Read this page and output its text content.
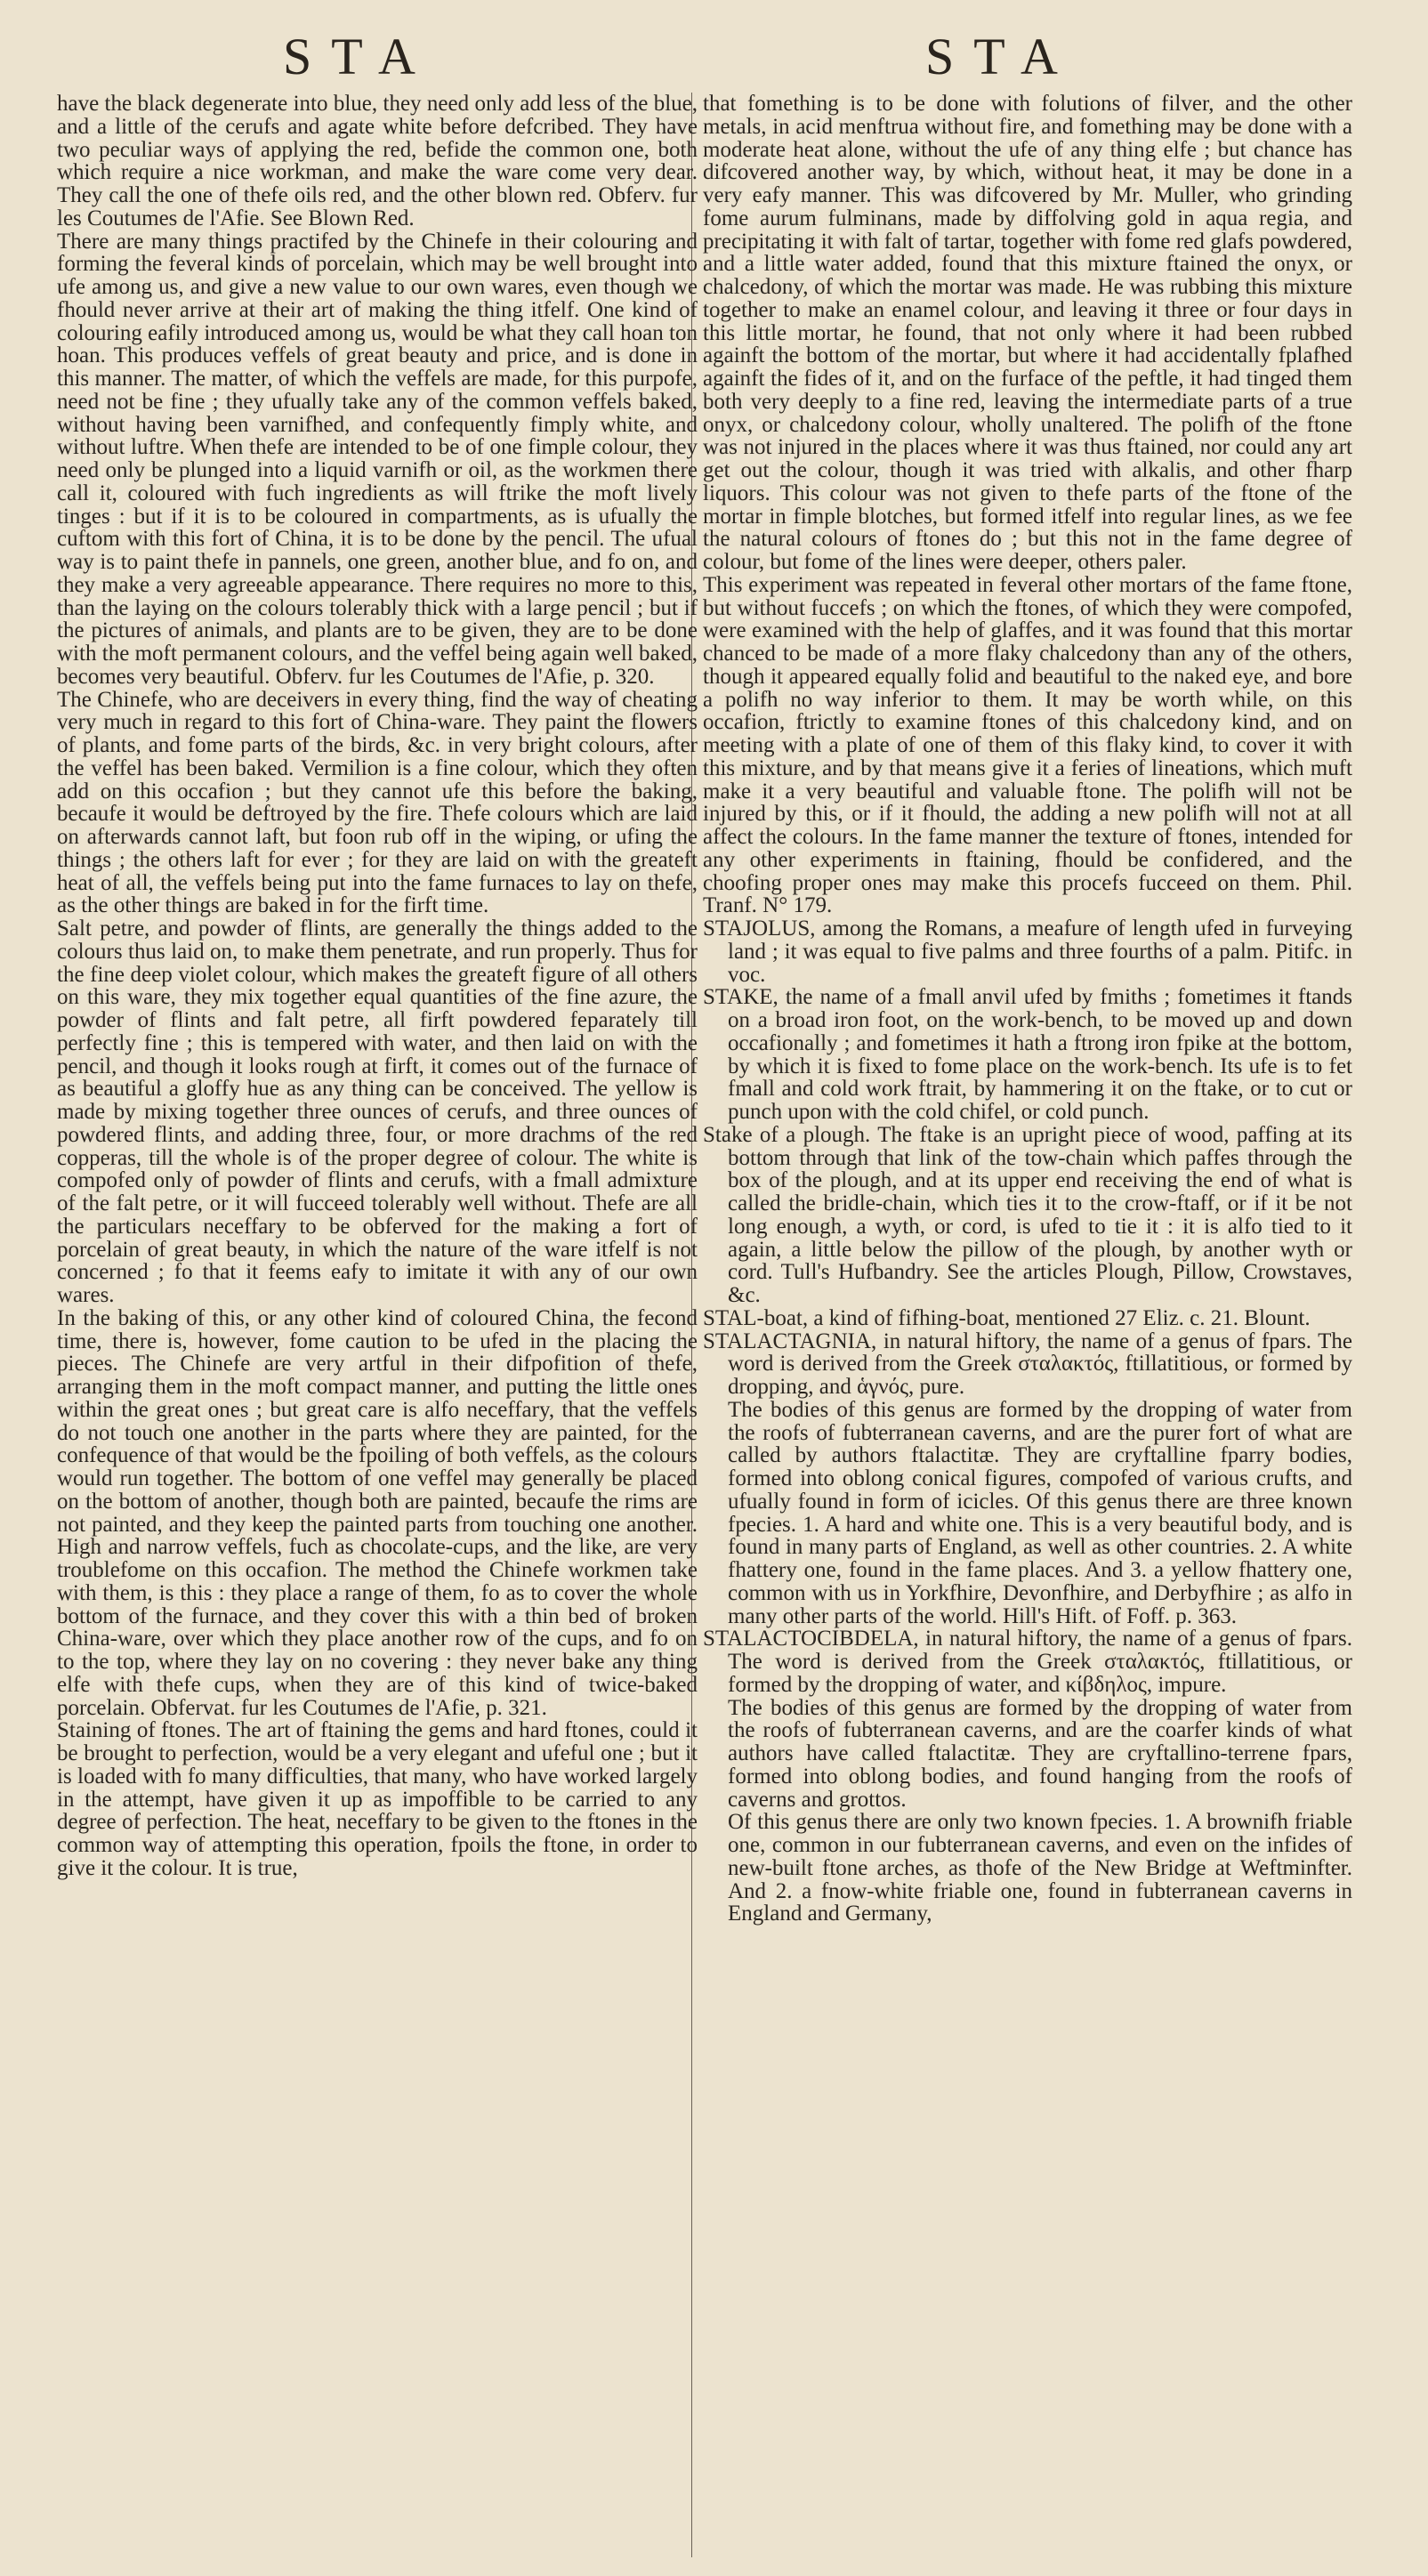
STA	STA

have the black degenerate into blue, they need only add less of the blue, and a little of the cerufs and agate white before defcribed. They have two peculiar ways of applying the red, befide the common one, both which require a nice workman, and make the ware come very dear. They call the one of thefe oils red, and the other blown red. Obferv. fur les Coutumes de l'Afie. See Blown Red.

There are many things practifed by the Chinefe in their colouring and forming the feveral kinds of porcelain, which may be well brought into ufe among us, and give a new value to our own wares, even though we fhould never arrive at their art of making the thing itfelf. One kind of colouring eafily introduced among us, would be what they call hoan ton hoan. This produces veffels of great beauty and price, and is done in this manner. The matter, of which the veffels are made, for this purpofe, need not be fine ; they ufually take any of the common veffels baked, without having been varnifhed, and confequently fimply white, and without luftre. When thefe are intended to be of one fimple colour, they need only be plunged into a liquid varnifh or oil, as the workmen there call it, coloured with fuch ingredients as will ftrike the moft lively tinges : but if it is to be coloured in compartments, as is ufually the cuftom with this fort of China, it is to be done by the pencil. The ufual way is to paint thefe in pannels, one green, another blue, and fo on, and they make a very agreeable appearance. There requires no more to this, than the laying on the colours tolerably thick with a large pencil ; but if the pictures of animals, and plants are to be given, they are to be done with the moft permanent colours, and the veffel being again well baked, becomes very beautiful. Obferv. fur les Coutumes de l'Afie, p. 320.

The Chinefe, who are deceivers in every thing, find the way of cheating very much in regard to this fort of China-ware. They paint the flowers of plants, and fome parts of the birds, &c. in very bright colours, after the veffel has been baked. Vermilion is a fine colour, which they often add on this occafion ; but they cannot ufe this before the baking, becaufe it would be deftroyed by the fire. Thefe colours which are laid on afterwards cannot laft, but foon rub off in the wiping, or ufing the things ; the others laft for ever ; for they are laid on with the greateft heat of all, the veffels being put into the fame furnaces to lay on thefe, as the other things are baked in for the firft time.

Salt petre, and powder of flints, are generally the things added to the colours thus laid on, to make them penetrate, and run properly. Thus for the fine deep violet colour, which makes the greateft figure of all others on this ware, they mix together equal quantities of the fine azure, the powder of flints and falt petre, all firft powdered feparately till perfectly fine ; this is tempered with water, and then laid on with the pencil, and though it looks rough at firft, it comes out of the furnace of as beautiful a gloffy hue as any thing can be conceived. The yellow is made by mixing together three ounces of cerufs, and three ounces of powdered flints, and adding three, four, or more drachms of the red copperas, till the whole is of the proper degree of colour. The white is compofed only of powder of flints and cerufs, with a fmall admixture of the falt petre, or it will fucceed tolerably well without. Thefe are all the particulars neceffary to be obferved for the making a fort of porcelain of great beauty, in which the nature of the ware itfelf is not concerned ; fo that it feems eafy to imitate it with any of our own wares.

In the baking of this, or any other kind of coloured China, the fecond time, there is, however, fome caution to be ufed in the placing the pieces. The Chinefe are very artful in their difpofition of thefe, arranging them in the moft compact manner, and putting the little ones within the great ones ; but great care is alfo neceffary, that the veffels do not touch one another in the parts where they are painted, for the confequence of that would be the fpoiling of both veffels, as the colours would run together. The bottom of one veffel may generally be placed on the bottom of another, though both are painted, becaufe the rims are not painted, and they keep the painted parts from touching one another. High and narrow veffels, fuch as chocolate-cups, and the like, are very troublefome on this occafion. The method the Chinefe workmen take with them, is this : they place a range of them, fo as to cover the whole bottom of the furnace, and they cover this with a thin bed of broken China-ware, over which they place another row of the cups, and fo on to the top, where they lay on no covering : they never bake any thing elfe with thefe cups, when they are of this kind of twice-baked porcelain. Obfervat. fur les Coutumes de l'Afie, p. 321.

Staining of ftones. The art of ftaining the gems and hard ftones, could it be brought to perfection, would be a very elegant and ufeful one ; but it is loaded with fo many difficulties, that many, who have worked largely in the attempt, have given it up as impoffible to be carried to any degree of perfection. The heat, neceffary to be given to the ftones in the common way of attempting this operation, fpoils the ftone, in order to give it the colour. It is true,

that fomething is to be done with folutions of filver, and the other metals, in acid menftrua without fire, and fomething may be done with a moderate heat alone, without the ufe of any thing elfe ; but chance has difcovered another way, by which, without heat, it may be done in a very eafy manner. This was difcovered by Mr. Muller, who grinding fome aurum fulminans, made by diffolving gold in aqua regia, and precipitating it with falt of tartar, together with fome red glafs powdered, and a little water added, found that this mixture ftained the onyx, or chalcedony, of which the mortar was made. He was rubbing this mixture together to make an enamel colour, and leaving it three or four days in this little mortar, he found, that not only where it had been rubbed againft the bottom of the mortar, but where it had accidentally fplafhed againft the fides of it, and on the furface of the peftle, it had tinged them both very deeply to a fine red, leaving the intermediate parts of a true onyx, or chalcedony colour, wholly unaltered. The polifh of the ftone was not injured in the places where it was thus ftained, nor could any art get out the colour, though it was tried with alkalis, and other fharp liquors. This colour was not given to thefe parts of the ftone of the mortar in fimple blotches, but formed itfelf into regular lines, as we fee the natural colours of ftones do ; but this not in the fame degree of colour, but fome of the lines were deeper, others paler.

This experiment was repeated in feveral other mortars of the fame ftone, but without fuccefs ; on which the ftones, of which they were compofed, were examined with the help of glaffes, and it was found that this mortar chanced to be made of a more flaky chalcedony than any of the others, though it appeared equally folid and beautiful to the naked eye, and bore a polifh no way inferior to them. It may be worth while, on this occafion, ftrictly to examine ftones of this chalcedony kind, and on meeting with a plate of one of them of this flaky kind, to cover it with this mixture, and by that means give it a feries of lineations, which muft make it a very beautiful and valuable ftone. The polifh will not be injured by this, or if it fhould, the adding a new polifh will not at all affect the colours. In the fame manner the texture of ftones, intended for any other experiments in ftaining, fhould be confidered, and the choofing proper ones may make this procefs fucceed on them. Phil. Tranf. N° 179.

STAJOLUS, among the Romans, a meafure of length ufed in furveying land ; it was equal to five palms and three fourths of a palm. Pitifc. in voc.

STAKE, the name of a fmall anvil ufed by fmiths ; fometimes it ftands on a broad iron foot, on the work-bench, to be moved up and down occafionally ; and fometimes it hath a ftrong iron fpike at the bottom, by which it is fixed to fome place on the work-bench. Its ufe is to fet fmall and cold work ftrait, by hammering it on the ftake, or to cut or punch upon with the cold chifel, or cold punch.

Stake of a plough. The ftake is an upright piece of wood, paffing at its bottom through that link of the tow-chain which paffes through the box of the plough, and at its upper end receiving the end of what is called the bridle-chain, which ties it to the crow-ftaff, or if it be not long enough, a wyth, or cord, is ufed to tie it : it is alfo tied to it again, a little below the pillow of the plough, by another wyth or cord. Tull's Hufbandry. See the articles Plough, Pillow, Crowstaves, &c.

STAL-boat, a kind of fifhing-boat, mentioned 27 Eliz. c. 21. Blount.

STALACTAGNIA, in natural hiftory, the name of a genus of fpars. The word is derived from the Greek σταλακτός, ftillatitious, or formed by dropping, and ἁγνός, pure.

The bodies of this genus are formed by the dropping of water from the roofs of fubterranean caverns, and are the purer fort of what are called by authors ftalactitæ. They are cryftalline fparry bodies, formed into oblong conical figures, compofed of various crufts, and ufually found in form of icicles. Of this genus there are three known fpecies. 1. A hard and white one. This is a very beautiful body, and is found in many parts of England, as well as other countries. 2. A white fhattery one, found in the fame places. And 3. a yellow fhattery one, common with us in Yorkfhire, Devonfhire, and Derbyfhire ; as alfo in many other parts of the world. Hill's Hift. of Foff. p. 363.

STALACTOCIBDELA, in natural hiftory, the name of a genus of fpars. The word is derived from the Greek σταλακτός, ftillatitious, or formed by the dropping of water, and κίβδηλος, impure.

The bodies of this genus are formed by the dropping of water from the roofs of fubterranean caverns, and are the coarfer kinds of what authors have called ftalactitæ. They are cryftallino-terrene fpars, formed into oblong bodies, and found hanging from the roofs of caverns and grottos.

Of this genus there are only two known fpecies. 1. A brownifh friable one, common in our fubterranean caverns, and even on the infides of new-built ftone arches, as thofe of the New Bridge at Weftminfter. And 2. a fnow-white friable one, found in fubterranean caverns in England and Germany,
